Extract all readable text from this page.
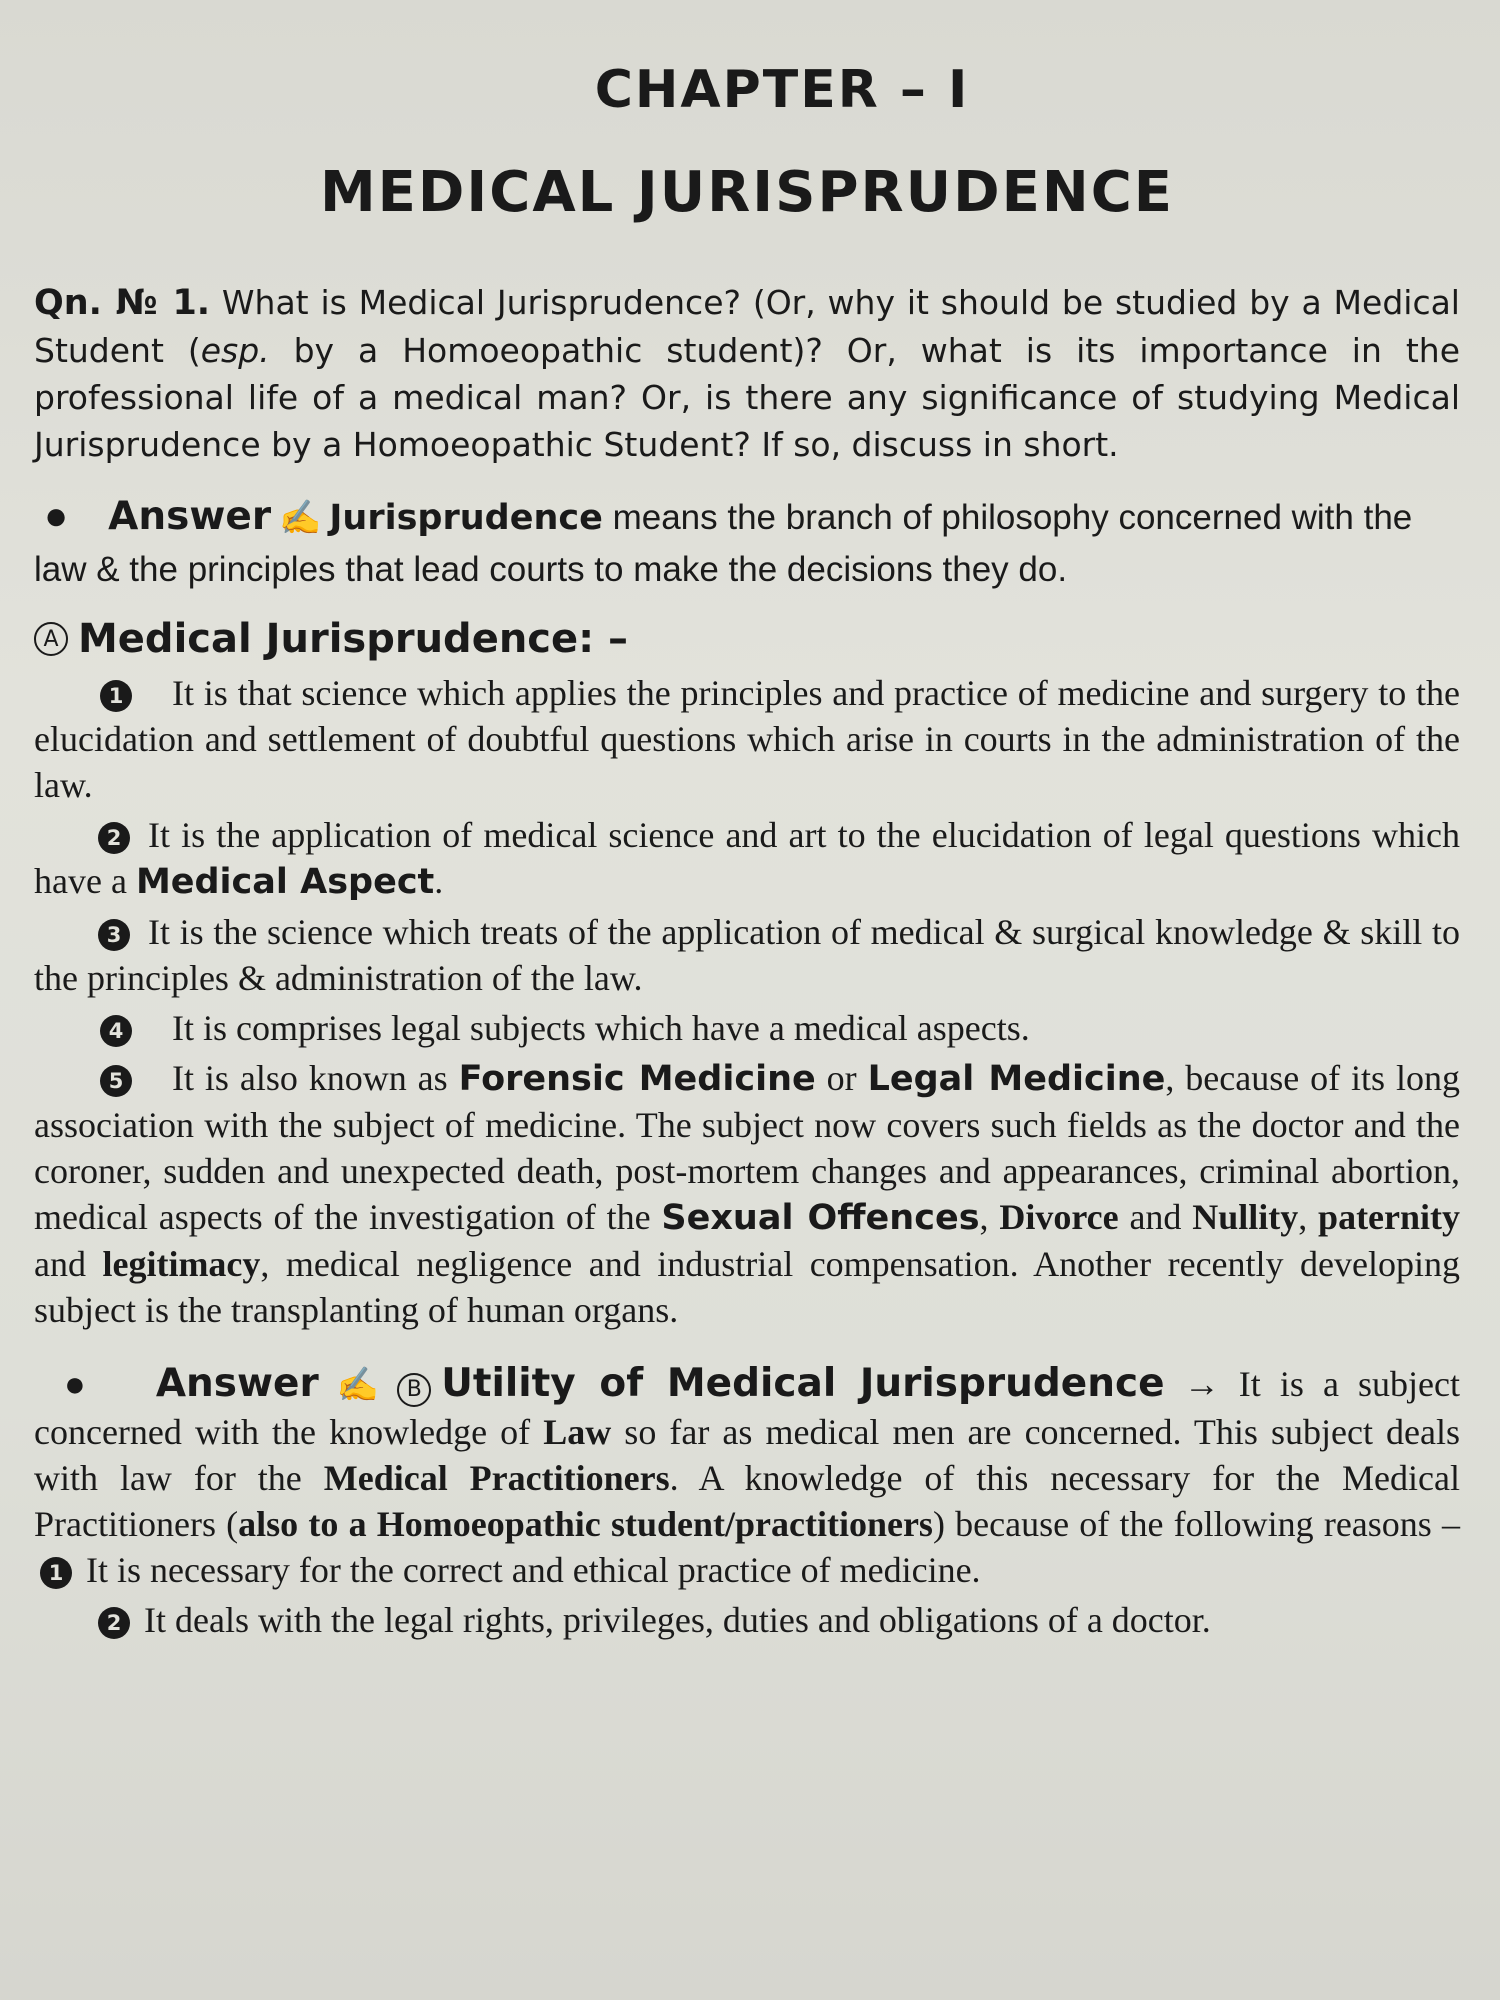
CHAPTER – I
MEDICAL JURISPRUDENCE

Qn. № 1. What is Medical Jurisprudence? (Or, why it should be studied by a Medical Student (esp. by a Homoeopathic student)? Or, what is its importance in the professional life of a medical man? Or, is there any significance of studying Medical Jurisprudence by a Homoeopathic Student? If so, discuss in short.

● Answer ✍ Jurisprudence means the branch of philosophy concerned with the law & the principles that lead courts to make the decisions they do.

A Medical Jurisprudence: –

1 It is that science which applies the principles and practice of medicine and surgery to the elucidation and settlement of doubtful questions which arise in courts in the administration of the law.

2 It is the application of medical science and art to the elucidation of legal questions which have a Medical Aspect.

3 It is the science which treats of the application of medical & surgical knowledge & skill to the principles & administration of the law.

4 It is comprises legal subjects which have a medical aspects.

5 It is also known as Forensic Medicine or Legal Medicine, because of its long association with the subject of medicine. The subject now covers such fields as the doctor and the coroner, sudden and unexpected death, post-mortem changes and appearances, criminal abortion, medical aspects of the investigation of the Sexual Offences, Divorce and Nullity, paternity and legitimacy, medical negligence and industrial compensation. Another recently developing subject is the transplanting of human organs.

● Answer ✍ B Utility of Medical Jurisprudence → It is a subject concerned with the knowledge of Law so far as medical men are concerned. This subject deals with law for the Medical Practitioners. A knowledge of this necessary for the Medical Practitioners (also to a Homoeopathic student/practitioners) because of the following reasons – 1 It is necessary for the correct and ethical practice of medicine.

2 It deals with the legal rights, privileges, duties and obligations of a doctor.
